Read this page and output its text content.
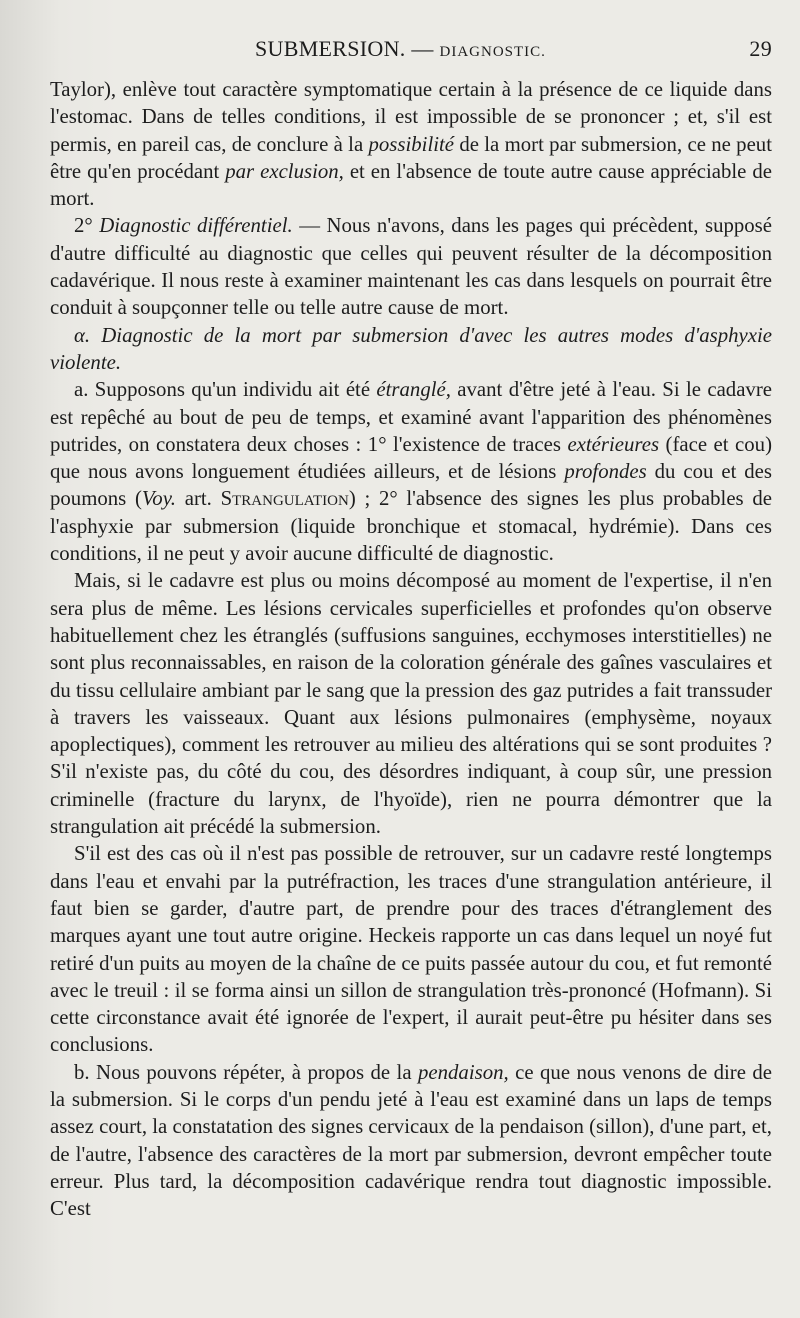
SUBMERSION. — DIAGNOSTIC.	29

Taylor), enlève tout caractère symptomatique certain à la présence de ce liquide dans l'estomac. Dans de telles conditions, il est impossible de se prononcer ; et, s'il est permis, en pareil cas, de conclure à la possibilité de la mort par submersion, ce ne peut être qu'en procédant par exclusion, et en l'absence de toute autre cause appréciable de mort.

2° Diagnostic différentiel. — Nous n'avons, dans les pages qui précèdent, supposé d'autre difficulté au diagnostic que celles qui peuvent résulter de la décomposition cadavérique. Il nous reste à examiner maintenant les cas dans lesquels on pourrait être conduit à soupçonner telle ou telle autre cause de mort.

α. Diagnostic de la mort par submersion d'avec les autres modes d'asphyxie violente.

a. Supposons qu'un individu ait été étranglé, avant d'être jeté à l'eau. Si le cadavre est repêché au bout de peu de temps, et examiné avant l'apparition des phénomènes putrides, on constatera deux choses : 1° l'existence de traces extérieures (face et cou) que nous avons longuement étudiées ailleurs, et de lésions profondes du cou et des poumons (Voy. art. Strangulation) ; 2° l'absence des signes les plus probables de l'asphyxie par submersion (liquide bronchique et stomacal, hydrémie). Dans ces conditions, il ne peut y avoir aucune difficulté de diagnostic.

Mais, si le cadavre est plus ou moins décomposé au moment de l'expertise, il n'en sera plus de même. Les lésions cervicales superficielles et profondes qu'on observe habituellement chez les étranglés (suffusions sanguines, ecchymoses interstitielles) ne sont plus reconnaissables, en raison de la coloration générale des gaînes vasculaires et du tissu cellulaire ambiant par le sang que la pression des gaz putrides a fait transsuder à travers les vaisseaux. Quant aux lésions pulmonaires (emphysème, noyaux apoplectiques), comment les retrouver au milieu des altérations qui se sont produites ? S'il n'existe pas, du côté du cou, des désordres indiquant, à coup sûr, une pression criminelle (fracture du larynx, de l'hyoïde), rien ne pourra démontrer que la strangulation ait précédé la submersion.

S'il est des cas où il n'est pas possible de retrouver, sur un cadavre resté longtemps dans l'eau et envahi par la putréfraction, les traces d'une strangulation antérieure, il faut bien se garder, d'autre part, de prendre pour des traces d'étranglement des marques ayant une tout autre origine. Heckeis rapporte un cas dans lequel un noyé fut retiré d'un puits au moyen de la chaîne de ce puits passée autour du cou, et fut remonté avec le treuil : il se forma ainsi un sillon de strangulation très-prononcé (Hofmann). Si cette circonstance avait été ignorée de l'expert, il aurait peut-être pu hésiter dans ses conclusions.

b. Nous pouvons répéter, à propos de la pendaison, ce que nous venons de dire de la submersion. Si le corps d'un pendu jeté à l'eau est examiné dans un laps de temps assez court, la constatation des signes cervicaux de la pendaison (sillon), d'une part, et, de l'autre, l'absence des caractères de la mort par submersion, devront empêcher toute erreur. Plus tard, la décomposition cadavérique rendra tout diagnostic impossible. C'est
